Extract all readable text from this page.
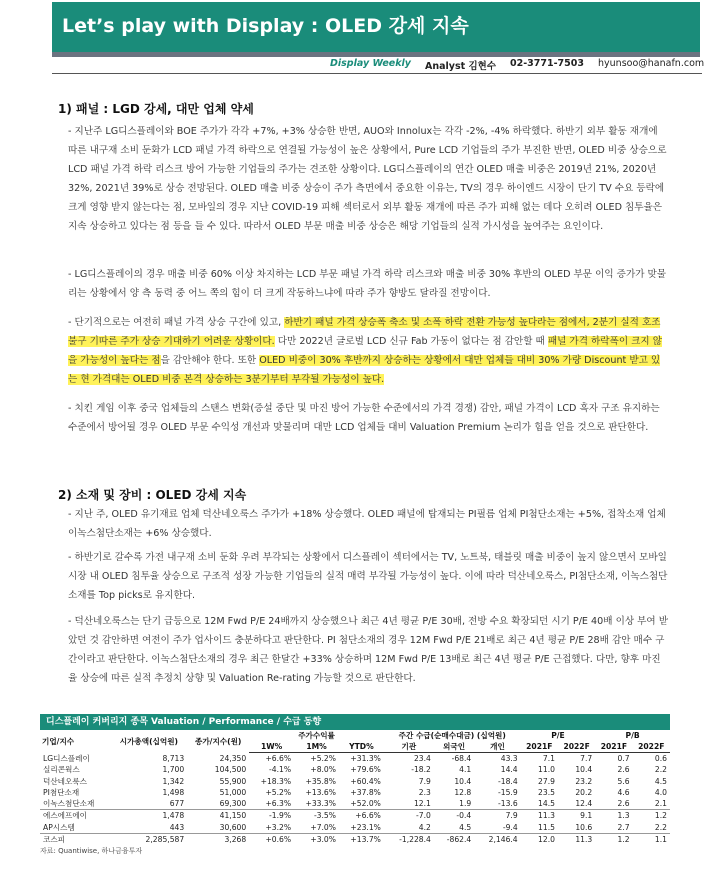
Let’s play with Display : OLED 강세 지속
Display Weekly Analyst 김현수 02-3771-7503 hyunsoo@hanafn.com
1) 패널 : LGD 강세, 대만 업체 약세
- 지난주 LG디스플레이와 BOE 주가가 각각 +7%, +3% 상승한 반면, AUO와 Innolux는 각각 -2%, -4% 하락했다. 하반기 외부 활동 재개에 따른 내구재 소비 둔화가 LCD 패널 가격 하락으로 연결될 가능성이 높은 상황에서, Pure LCD 기업들의 주가 부진한 반면, OLED 비중 상승으로 LCD 패널 가격 하락 리스크 방어 가능한 기업들의 주가는 견조한 상황이다. LG디스플레이의 연간 OLED 매출 비중은 2019년 21%, 2020년 32%, 2021년 39%로 상승 전망된다. OLED 매출 비중 상승이 주가 측면에서 중요한 이유는, TV의 경우 하이엔드 시장이 단기 TV 수요 등락에 크게 영향 받지 않는다는 점, 모바일의 경우 지난 COVID-19 피해 섹터로서 외부 활동 재개에 따른 주가 피해 없는 데다 오히려 OLED 침투율은 지속 상승하고 있다는 점 등을 들 수 있다. 따라서 OLED 부문 매출 비중 상승은 해당 기업들의 실적 가시성을 높여주는 요인이다.
- LG디스플레이의 경우 매출 비중 60% 이상 차지하는 LCD 부문 패널 가격 하락 리스크와 매출 비중 30% 후반의 OLED 부문 이익 증가가 맞물리는 상황에서 양 측 동력 중 어느 쪽의 힘이 더 크게 작동하느냐에 따라 주가 향방도 달라질 전망이다.
- 단기적으로는 여전히 패널 가격 상승 구간에 있고, 하반기 패널 가격 상승폭 축소 및 소폭 하락 전환 가능성 높다라는 점에서, 2분기 실적 호조 불구 기따른 주가 상승 기대하기 어려운 상황이다. 다만 2022년 글로벌 LCD 신규 Fab 가동이 없다는 점 감안할 때 패널 가격 하락폭이 크지 않을 가능성이 높다는 점을 감안해야 한다. 또한 OLED 비중이 30% 후반까지 상승하는 상황에서 대만 업체들 대비 30% 가량 Discount 받고 있는 현 가격대는 OLED 비중 본격 상승하는 3분기부터 부각될 가능성이 높다.
- 치킨 게임 이후 중국 업체들의 스탠스 변화(증설 중단 및 마진 방어 가능한 수준에서의 가격 경쟁) 감안, 패널 가격이 LCD 흑자 구조 유지하는 수준에서 방어될 경우 OLED 부문 수익성 개선과 맞물리며 대만 LCD 업체들 대비 Valuation Premium 논리가 힘을 얻을 것으로 판단한다.
2) 소재 및 장비 : OLED 강세 지속
- 지난 주, OLED 유기재료 업체 덕산네오룩스 주가가 +18% 상승했다. OLED 패널에 탑재되는 PI필름 업체 PI첨단소재는 +5%, 접착소재 업체 이녹스첨단소재는 +6% 상승했다.
- 하반기로 갈수록 가전 내구재 소비 둔화 우려 부각되는 상황에서 디스플레이 섹터에서는 TV, 노트북, 태블릿 매출 비중이 높지 않으면서 모바일 시장 내 OLED 침투율 상승으로 구조적 성장 가능한 기업들의 실적 매력 부각될 가능성이 높다. 이에 따라 덕산네오룩스, PI첨단소재, 이녹스첨단소재를 Top picks로 유지한다.
- 덕산네오룩스는 단기 급등으로 12M Fwd P/E 24배까지 상승했으나 최근 4년 평균 P/E 30배, 전방 수요 확장되던 시기 P/E 40배 이상 부여 받았던 것 감안하면 여전이 주가 업사이드 충분하다고 판단한다. PI 첨단소재의 경우 12M Fwd P/E 21배로 최근 4년 평균 P/E 28배 감안 매수 구간이라고 판단한다. 이녹스첨단소재의 경우 최근 한달간 +33% 상승하며 12M Fwd P/E 13배로 최근 4년 평균 P/E 근접했다. 다만, 향후 마진율 상승에 따른 실적 추정치 상향 및 Valuation Re-rating 가능할 것으로 판단한다.
디스플레이 커버리지 종목 Valuation / Performance / 수급 동향
기업/지수	시가총액(십억원)	종가/지수(원)	주가수익률			주간 수급(순매수대금) (십억원)			P/E		P/B	
			1W%	1M%	YTD%	기관	외국인	개인	2021F	2022F	2021F	2022F
LG디스플레이	8,713	24,350	+6.6%	+5.2%	+31.3%	23.4	-68.4	43.3	7.1	7.7	0.7	0.6
실리콘웍스	1,700	104,500	-4.1%	+8.0%	+79.6%	-18.2	4.1	14.4	11.0	10.4	2.6	2.2
덕산네오룩스	1,342	55,900	+18.3%	+35.8%	+60.4%	7.9	10.4	-18.4	27.9	23.2	5.6	4.5
PI첨단소재	1,498	51,000	+5.2%	+13.6%	+37.8%	2.3	12.8	-15.9	23.5	20.2	4.6	4.0
이녹스첨단소재	677	69,300	+6.3%	+33.3%	+52.0%	12.1	1.9	-13.6	14.5	12.4	2.6	2.1
에스에프에이	1,478	41,150	-1.9%	-3.5%	+6.6%	-7.0	-0.4	7.9	11.3	9.1	1.3	1.2
AP시스템	443	30,600	+3.2%	+7.0%	+23.1%	4.2	4.5	-9.4	11.5	10.6	2.7	2.2
코스피	2,285,587	3,268	+0.6%	+3.0%	+13.7%	-1,228.4	-862.4	2,146.4	12.0	11.3	1.2	1.1
자료: Quantiwise, 하나금융투자
